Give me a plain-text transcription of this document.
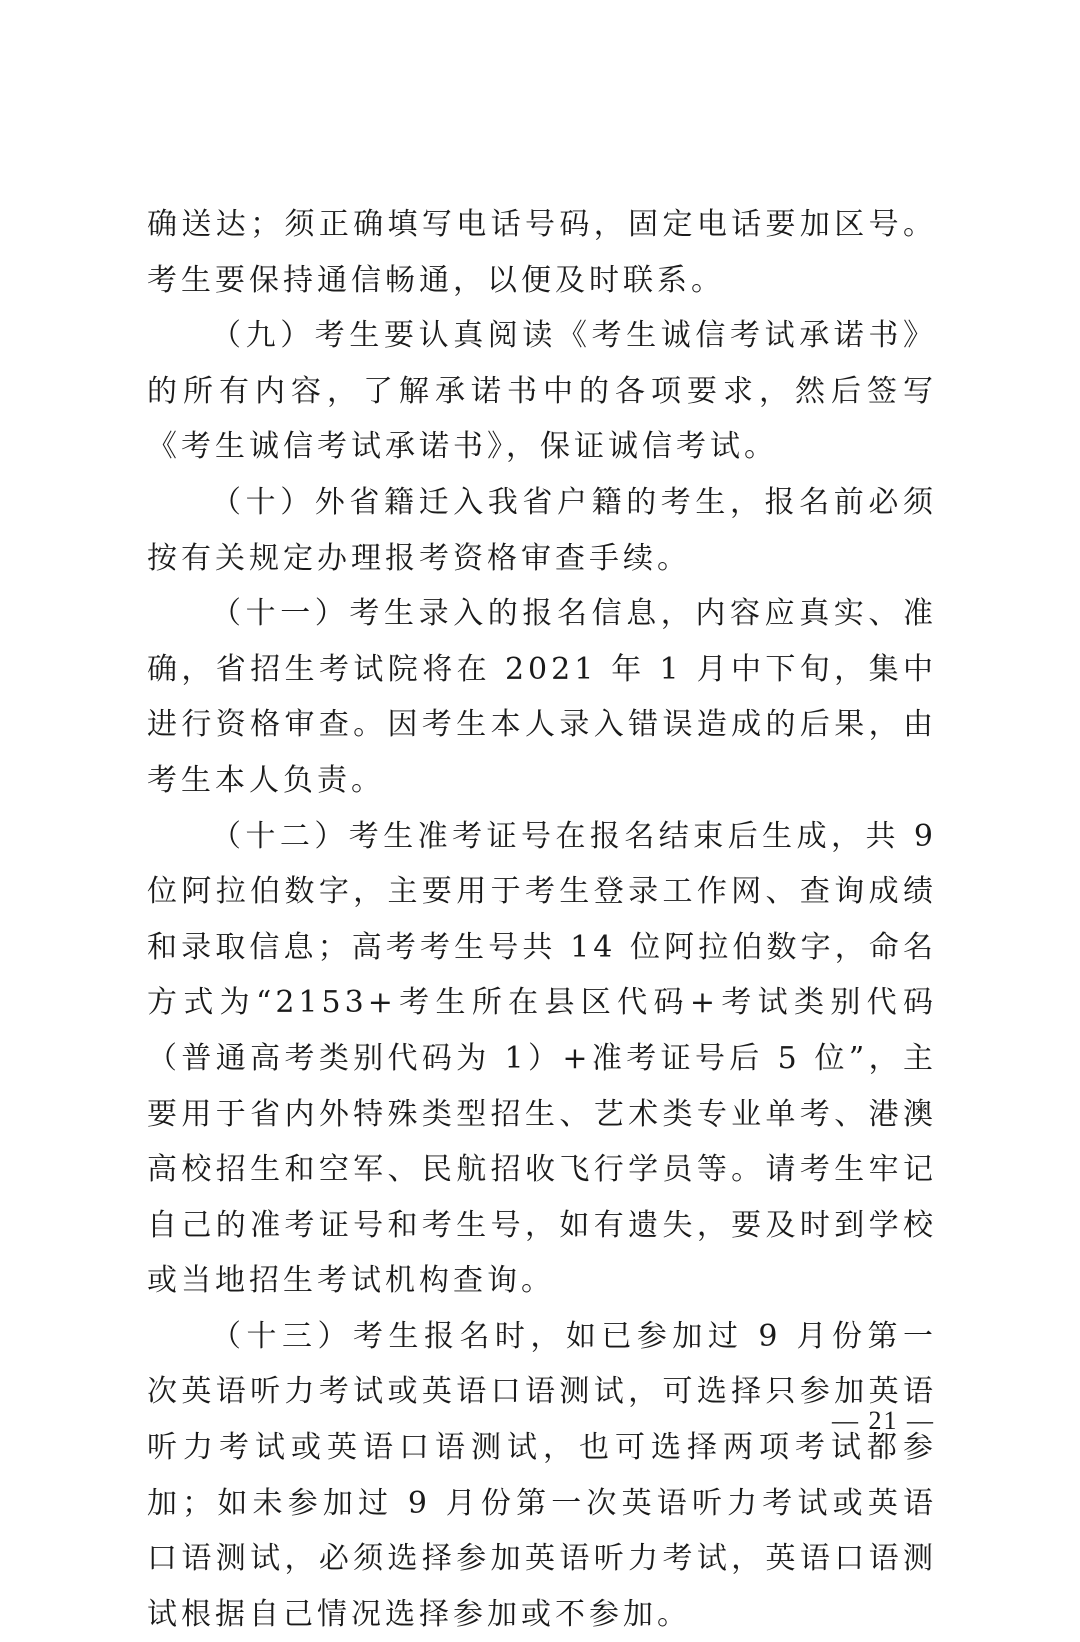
确送达；须正确填写电话号码，固定电话要加区号。考生要保持通信畅通，以便及时联系。

（九）考生要认真阅读《考生诚信考试承诺书》的所有内容，了解承诺书中的各项要求，然后签写《考生诚信考试承诺书》，保证诚信考试。

（十）外省籍迁入我省户籍的考生，报名前必须按有关规定办理报考资格审查手续。

（十一）考生录入的报名信息，内容应真实、准确，省招生考试院将在 2021 年 1 月中下旬，集中进行资格审查。因考生本人录入错误造成的后果，由考生本人负责。

（十二）考生准考证号在报名结束后生成，共 9 位阿拉伯数字，主要用于考生登录工作网、查询成绩和录取信息；高考考生号共 14 位阿拉伯数字，命名方式为“2153+考生所在县区代码+考试类别代码（普通高考类别代码为 1）+准考证号后 5 位”，主要用于省内外特殊类型招生、艺术类专业单考、港澳高校招生和空军、民航招收飞行学员等。请考生牢记自己的准考证号和考生号，如有遗失，要及时到学校或当地招生考试机构查询。

（十三）考生报名时，如已参加过 9 月份第一次英语听力考试或英语口语测试，可选择只参加英语听力考试或英语口语测试，也可选择两项考试都参加；如未参加过 9 月份第一次英语听力考试或英语口语测试，必须选择参加英语听力考试，英语口语测试根据自己情况选择参加或不参加。

— 21 —
